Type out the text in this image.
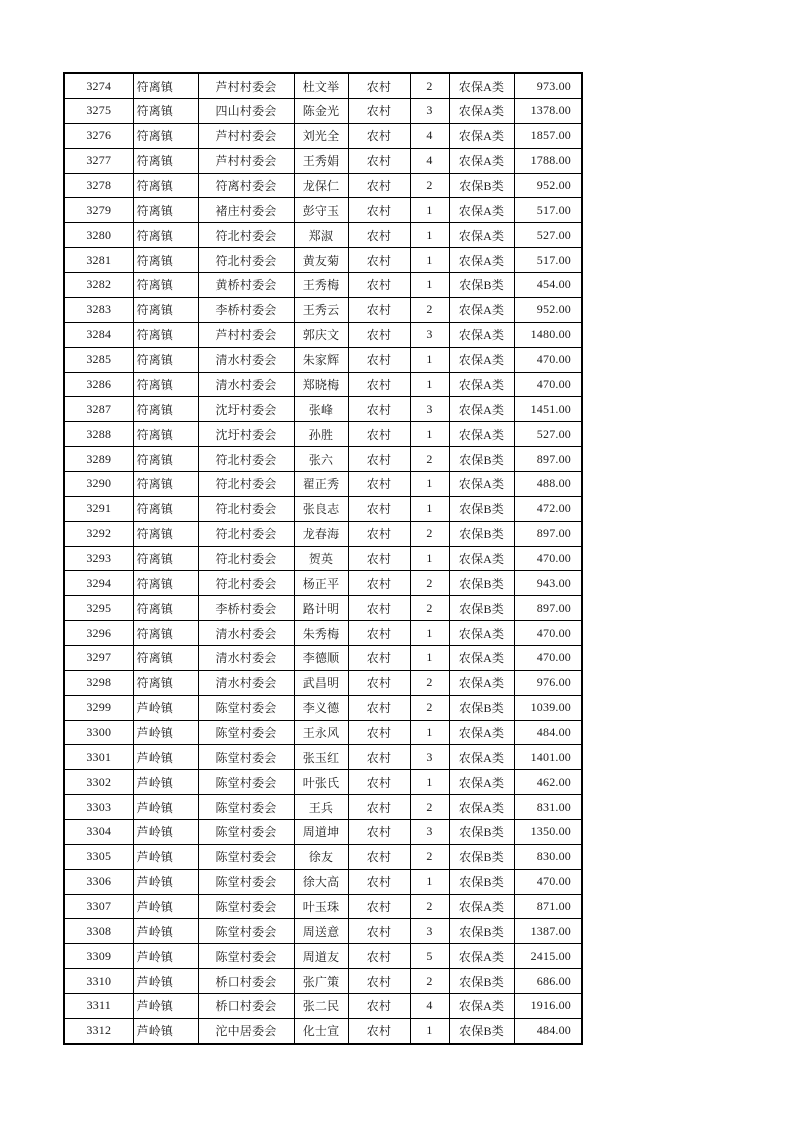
3274	符离镇	芦村村委会	杜文举	农村	2	农保A类	973.00
3275	符离镇	四山村委会	陈金光	农村	3	农保A类	1378.00
3276	符离镇	芦村村委会	刘光全	农村	4	农保A类	1857.00
3277	符离镇	芦村村委会	王秀娟	农村	4	农保A类	1788.00
3278	符离镇	符离村委会	龙保仁	农村	2	农保B类	952.00
3279	符离镇	褚庄村委会	彭守玉	农村	1	农保A类	517.00
3280	符离镇	符北村委会	郑淑	农村	1	农保A类	527.00
3281	符离镇	符北村委会	黄友菊	农村	1	农保A类	517.00
3282	符离镇	黄桥村委会	王秀梅	农村	1	农保B类	454.00
3283	符离镇	李桥村委会	王秀云	农村	2	农保A类	952.00
3284	符离镇	芦村村委会	郭庆文	农村	3	农保A类	1480.00
3285	符离镇	清水村委会	朱家辉	农村	1	农保A类	470.00
3286	符离镇	清水村委会	郑晓梅	农村	1	农保A类	470.00
3287	符离镇	沈圩村委会	张峰	农村	3	农保A类	1451.00
3288	符离镇	沈圩村委会	孙胜	农村	1	农保A类	527.00
3289	符离镇	符北村委会	张六	农村	2	农保B类	897.00
3290	符离镇	符北村委会	翟正秀	农村	1	农保A类	488.00
3291	符离镇	符北村委会	张良志	农村	1	农保B类	472.00
3292	符离镇	符北村委会	龙春海	农村	2	农保B类	897.00
3293	符离镇	符北村委会	贺英	农村	1	农保A类	470.00
3294	符离镇	符北村委会	杨正平	农村	2	农保B类	943.00
3295	符离镇	李桥村委会	路计明	农村	2	农保B类	897.00
3296	符离镇	清水村委会	朱秀梅	农村	1	农保A类	470.00
3297	符离镇	清水村委会	李德顺	农村	1	农保A类	470.00
3298	符离镇	清水村委会	武昌明	农村	2	农保A类	976.00
3299	芦岭镇	陈堂村委会	李义德	农村	2	农保B类	1039.00
3300	芦岭镇	陈堂村委会	王永风	农村	1	农保A类	484.00
3301	芦岭镇	陈堂村委会	张玉红	农村	3	农保A类	1401.00
3302	芦岭镇	陈堂村委会	叶张氏	农村	1	农保A类	462.00
3303	芦岭镇	陈堂村委会	王兵	农村	2	农保A类	831.00
3304	芦岭镇	陈堂村委会	周道坤	农村	3	农保B类	1350.00
3305	芦岭镇	陈堂村委会	徐友	农村	2	农保B类	830.00
3306	芦岭镇	陈堂村委会	徐大高	农村	1	农保B类	470.00
3307	芦岭镇	陈堂村委会	叶玉珠	农村	2	农保A类	871.00
3308	芦岭镇	陈堂村委会	周送意	农村	3	农保B类	1387.00
3309	芦岭镇	陈堂村委会	周道友	农村	5	农保A类	2415.00
3310	芦岭镇	桥口村委会	张广策	农村	2	农保B类	686.00
3311	芦岭镇	桥口村委会	张二民	农村	4	农保A类	1916.00
3312	芦岭镇	沱中居委会	化士宣	农村	1	农保B类	484.00
